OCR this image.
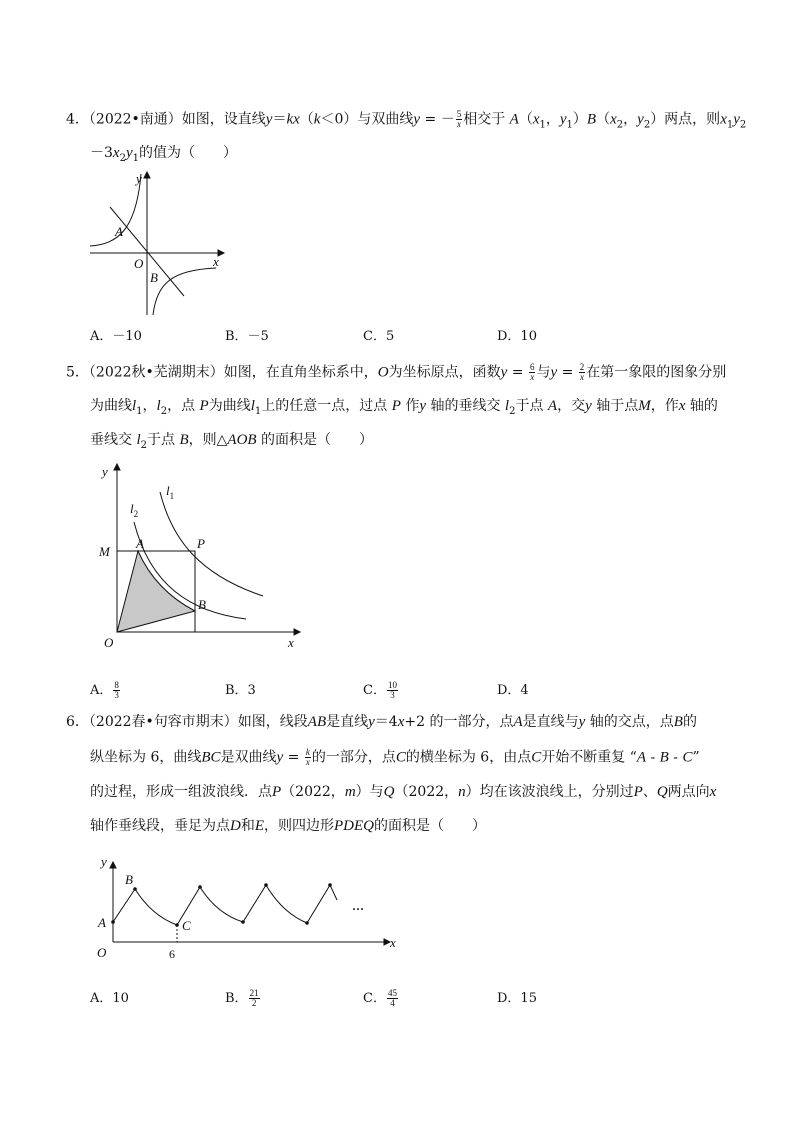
4．（2022•南通）如图，设直线y＝kx（k＜0）与双曲线y = － $\frac{5}{x}$ 相交于 $A(x_1$，$y_1)B(x_2$，$y_2$）两点，则$x_1y_2$
$-3x_2y_1$的值为（　　）
A．－10	B．－5	C．5	D．10
5．（2022秋•芜湖期末）如图，在直角坐标系中，O为坐标原点，函数$y = \frac{6}{x}$ 与$y = \frac{2}{x}$ 在第一象限的图象分别
为曲线$l_1$，$l_2$，点 P为曲线$l_1$上的任意一点，过点 P 作y 轴的垂线交 $l_2$于点 A，交y 轴于点M，作x 轴的
垂线交 $l_2$于点 B，则△AOB 的面积是（　　）
A． $\frac{8}{3}$	B．3	C． $\frac{10}{3}$	D．4
6．（2022春•句容市期末）如图，线段AB是直线y＝4x+2 的一部分，点A是直线与y 轴的交点，点B的
纵坐标为 6，曲线BC是双曲线$y = \frac{k}{x}$ 的一部分，点C的横坐标为 6，由点C开始不断重复 “A - B - C”
的过程，形成一组波浪线．点P（2022，m）与Q（2022，n）均在该波浪线上，分别过P、Q两点向x
轴作垂线段，垂足为点D和E，则四边形PDEQ的面积是（　　）
A．10	B． $\frac{21}{2}$	C． $\frac{45}{4}$	D．15
y
x
O
A
B
y
x
O
M
A	P
B
$l_1$
$l_2$
y
x
O
A
B
C
6
…
